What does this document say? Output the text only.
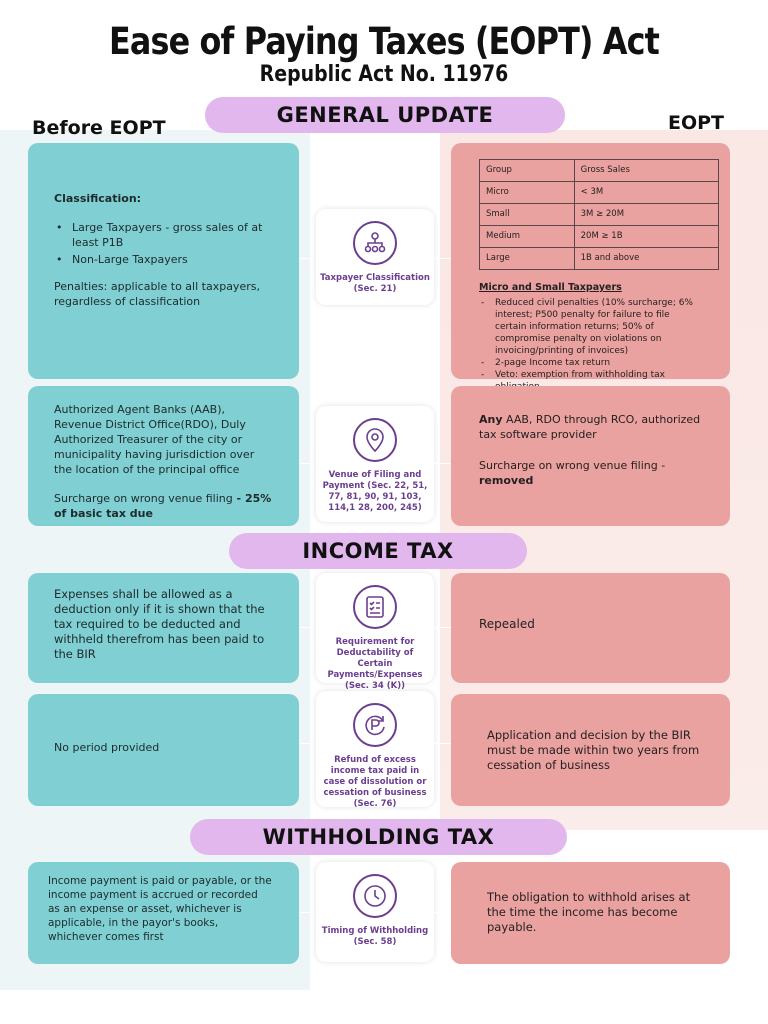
Ease of Paying Taxes (EOPT) Act
Republic Act No. 11976
GENERAL UPDATE
Before EOPT	EOPT
Classification:
• Large Taxpayers - gross sales of at least P1B
• Non-Large Taxpayers
Penalties: applicable to all taxpayers, regardless of classification
Taxpayer Classification (Sec. 21)
Group	Gross Sales
Micro	< 3M
Small	3M ≥ 20M
Medium	20M ≥ 1B
Large	1B and above
Micro and Small Taxpayers
- Reduced civil penalties (10% surcharge; 6% interest; P500 penalty for failure to file certain information returns; 50% of compromise penalty on violations on invoicing/printing of invoices)
- 2-page Income tax return
- Veto: exemption from withholding tax
Authorized Agent Banks (AAB), Revenue District Office(RDO), Duly Authorized Treasurer of the city or municipality having jurisdiction over the location of the principal office
Surcharge on wrong venue filing - 25% of basic tax due
Venue of Filing and Payment (Sec. 22, 51, 77, 81, 90, 91, 103, 114,1 28, 200, 245)
Any AAB, RDO through RCO, authorized tax software provider
Surcharge on wrong venue filing - removed
INCOME TAX
Expenses shall be allowed as a deduction only if it is shown that the tax required to be deducted and withheld therefrom has been paid to the BIR
Requirement for Deductability of Certain Payments/Expenses (Sec. 34 (K))
Repealed
No period provided
Refund of excess income tax paid in case of dissolution or cessation of business (Sec. 76)
Application and decision by the BIR must be made within two years from cessation of business
WITHHOLDING TAX
Income payment is paid or payable, or the income payment is accrued or recorded as an expense or asset, whichever is applicable, in the payor's books, whichever comes first	Timing of Withholding (Sec. 58)
The obligation to withhold arises at the time the income has become payable.
